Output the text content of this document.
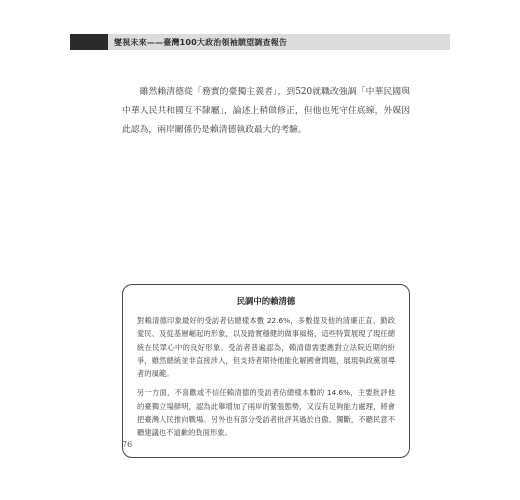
燮視未來——臺灣100大政治領袖競望調查報告

雖然賴清德從「務實的臺獨主義者」，到520就職改強調「中華民國與中華人民共和國互不隸屬」，論述上稍做修正，但他也死守住底線，外媒因此認為，兩岸關係仍是賴清德執政最大的考驗。

民調中的賴清德

對賴清德印象最好的受訪者佔總樣本數 22.6%，多數提及他的清廉正直、勤政愛民、及從基層崛起的形象，以及踏實穩健的做事風格，這些特質展現了現任總統在民眾心中的良好形象。受訪者普遍認為，賴清德需要應對立法院近期的紛爭，雖然總統並非直接涉入，但支持者期待他能化解國會問題，展現執政黨領導者的風範。

另一方面，不喜歡或不信任賴清德的受訪者佔總樣本數的 14.6%，主要批評他的臺獨立場鮮明，認為此舉增加了兩岸的緊張態勢，又沒有足夠能力處理，將會把臺灣人民推向戰場。另外也有部分受訪者批評其過於自傲、獨斷，不聽民意不聽建議也不道歉的負面形象。

76
